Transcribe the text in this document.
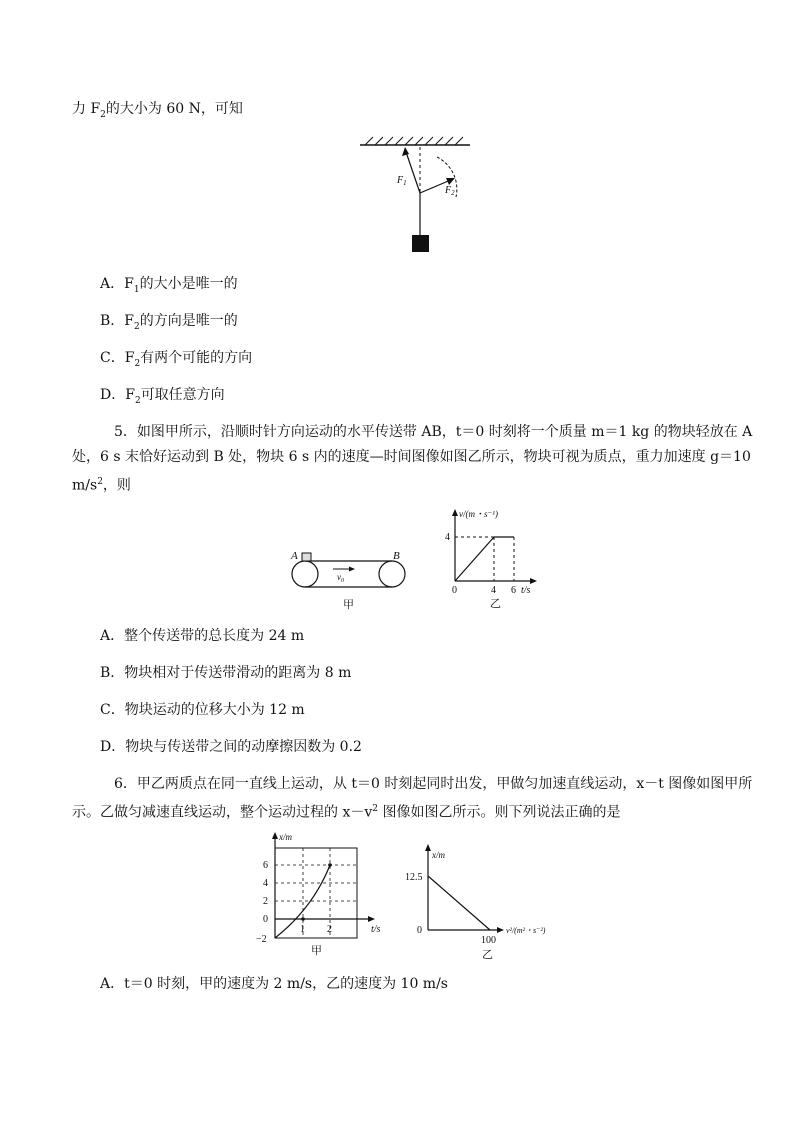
力 $F_2$的大小为 60 N，可知
$F_1$
$F_2$
A．$F_1$的大小是唯一的
B．$F_2$的方向是唯一的
C．$F_2$有两个可能的方向
D．$F_2$可取任意方向
5．如图甲所示，沿顺时针方向运动的水平传送带 AB，t＝0 时刻将一个质量 m＝1 kg 的物块轻放在 A
处，6 s 末恰好运动到 B 处，物块 6 s 内的速度—时间图像如图乙所示，物块可视为质点，重力加速度 g＝10
$m/s^2$，则
A	B
$v_0$
甲
v/(m・s⁻¹)
4
0	4 6 t/s
乙
A．整个传送带的总长度为 24 m
B．物块相对于传送带滑动的距离为 8 m
C．物块运动的位移大小为 12 m
D．物块与传送带之间的动摩擦因数为 0.2
6．甲乙两质点在同一直线上运动，从 t＝0 时刻起同时出发，甲做匀加速直线运动，x－t 图像如图甲所
示。乙做匀减速直线运动，整个运动过程的 $x-v^2$ 图像如图乙所示。则下列说法正确的是
x/m
6
4
2
0
−2
1 2	t/s
甲
x/m
12.5
0
100
v²/(m²・s⁻²)
乙
A．t＝0 时刻，甲的速度为 2 m/s，乙的速度为 10 m/s
